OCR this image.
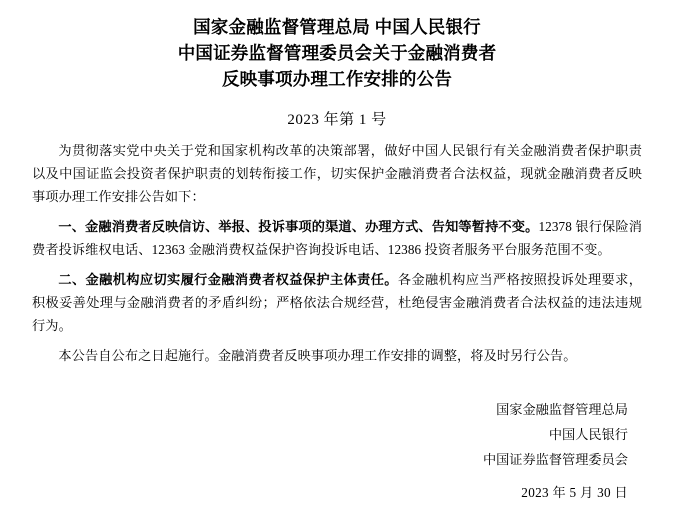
国家金融监督管理总局 中国人民银行
中国证券监督管理委员会关于金融消费者
反映事项办理工作安排的公告
2023 年第 1 号

为贯彻落实党中央关于党和国家机构改革的决策部署，做好中国人民银行有关金融消费者保护职责以及中国证监会投资者保护职责的划转衔接工作，切实保护金融消费者合法权益，现就金融消费者反映事项办理工作安排公告如下：

一、金融消费者反映信访、举报、投诉事项的渠道、办理方式、告知等暂持不变。12378 银行保险消费者投诉维权电话、12363 金融消费权益保护咨询投诉电话、12386 投资者服务平台服务范围不变。

二、金融机构应切实履行金融消费者权益保护主体责任。各金融机构应当严格按照投诉处理要求，积极妥善处理与金融消费者的矛盾纠纷；严格依法合规经营，杜绝侵害金融消费者合法权益的违法违规行为。

本公告自公布之日起施行。金融消费者反映事项办理工作安排的调整，将及时另行公告。

国家金融监督管理总局
中国人民银行
中国证券监督管理委员会
2023 年 5 月 30 日
